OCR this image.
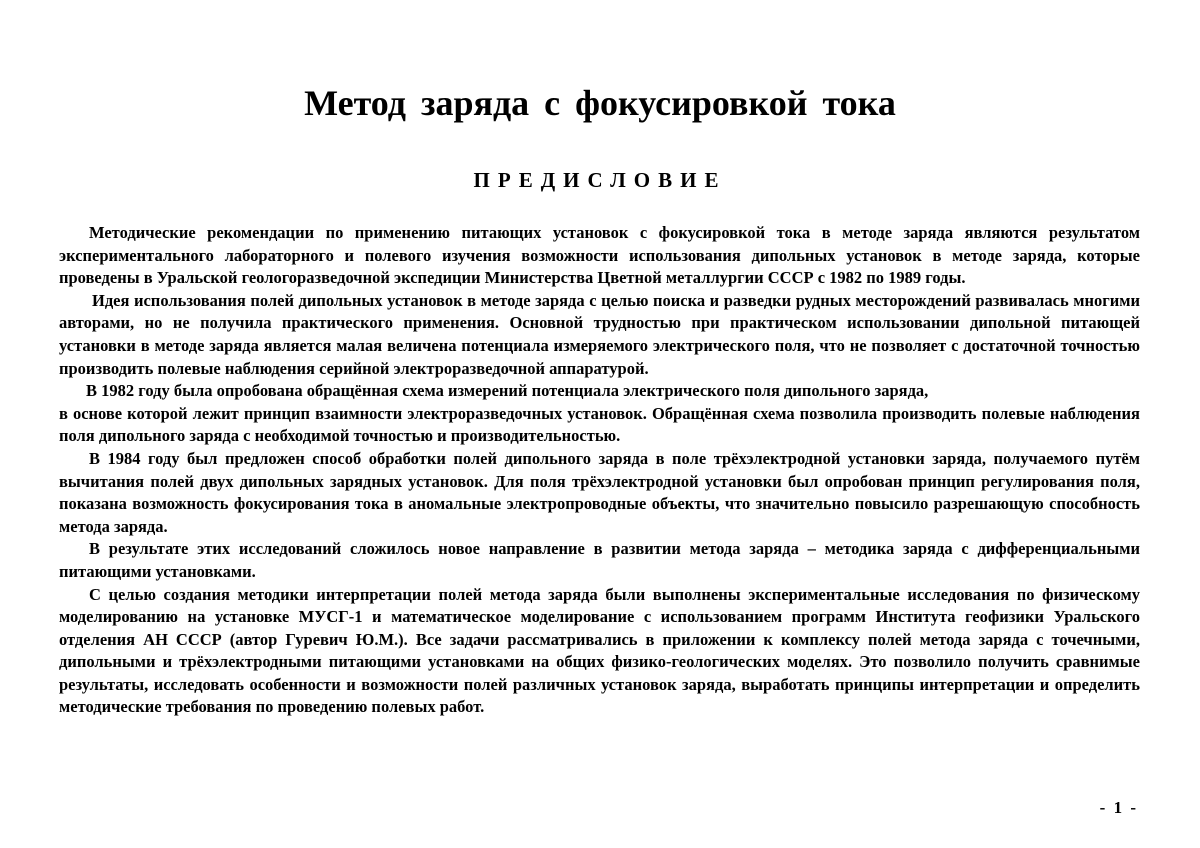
Метод заряда с фокусировкой тока
ПРЕДИСЛОВИЕ

Методические рекомендации по применению питающих установок с фокусировкой тока в методе заряда являются результатом экспериментального лабораторного и полевого изучения возможности использования дипольных установок в методе заряда, которые проведены в Уральской геологоразведочной экспедиции Министерства Цветной металлургии СССР с 1982 по 1989 годы.

Идея использования полей дипольных установок в методе заряда с целью поиска и разведки рудных месторождений развивалась многими авторами, но не получила практического применения. Основной трудностью при практическом использовании дипольной питающей установки в методе заряда является малая величена потенциала измеряемого электрического поля, что не позволяет с достаточной точностью производить полевые наблюдения серийной электроразведочной аппаратурой.

В 1982 году была опробована обращённая схема измерений потенциала электрического поля дипольного заряда,
в основе которой лежит принцип взаимности электроразведочных установок. Обращённая схема позволила производить полевые наблюдения поля дипольного заряда с необходимой точностью и производительностью.

В 1984 году был предложен способ обработки полей дипольного заряда в поле трёхэлектродной установки заряда, получаемого путём вычитания полей двух дипольных зарядных установок. Для поля трёхэлектродной установки был опробован принцип регулирования поля, показана возможность фокусирования тока в аномальные электропроводные объекты, что значительно повысило разрешающую способность метода заряда.

В результате этих исследований сложилось новое направление в развитии метода заряда – методика заряда с дифференциальными питающими установками.

С целью создания методики интерпретации полей метода заряда были выполнены экспериментальные исследования по физическому моделированию на установке МУСГ-1 и математическое моделирование с использованием программ Института геофизики Уральского отделения АН СССР (автор Гуревич Ю.М.). Все задачи рассматривались в приложении к комплексу полей метода заряда с точечными, дипольными и трёхэлектродными питающими установками на общих физико-геологических моделях. Это позволило получить сравнимые результаты, исследовать особенности и возможности полей различных установок заряда, выработать принципы интерпретации и определить методические требования по проведению полевых работ.

- 1 -
